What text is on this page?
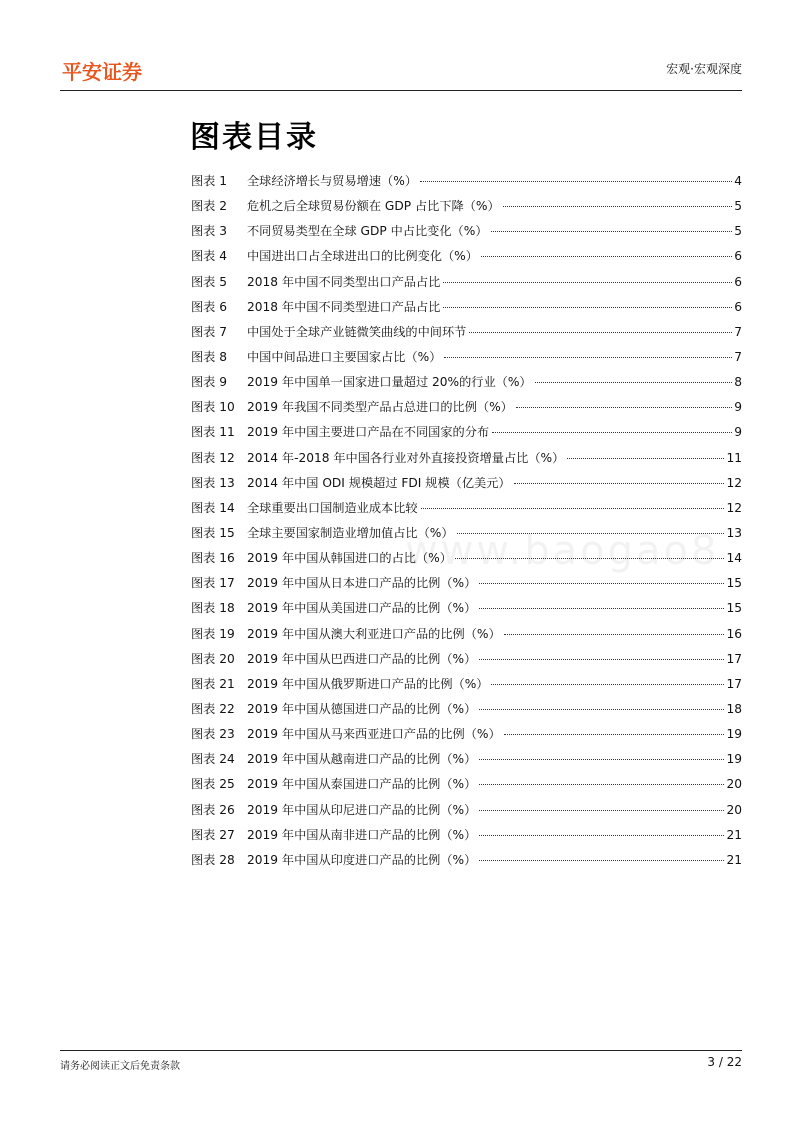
平安证券	宏观·宏观深度
图表目录
图表 1	全球经济增长与贸易增速（%）	4
图表 2	危机之后全球贸易份额在 GDP 占比下降（%）	5
图表 3	不同贸易类型在全球 GDP 中占比变化（%）	5
图表 4	中国进出口占全球进出口的比例变化（%）	6
图表 5	2018 年中国不同类型出口产品占比	6
图表 6	2018 年中国不同类型进口产品占比	6
图表 7	中国处于全球产业链微笑曲线的中间环节	7
图表 8	中国中间品进口主要国家占比（%）	7
图表 9	2019 年中国单一国家进口量超过 20%的行业（%）	8
图表 10	2019 年我国不同类型产品占总进口的比例（%）	9
图表 11	2019 年中国主要进口产品在不同国家的分布	9
图表 12	2014 年-2018 年中国各行业对外直接投资增量占比（%）	11
图表 13	2014 年中国 ODI 规模超过 FDI 规模（亿美元）	12
图表 14	全球重要出口国制造业成本比较	12
图表 15	全球主要国家制造业增加值占比（%）	13
图表 16	2019 年中国从韩国进口的占比（%）	14
图表 17	2019 年中国从日本进口产品的比例（%）	15
图表 18	2019 年中国从美国进口产品的比例（%）	15
图表 19	2019 年中国从澳大利亚进口产品的比例（%）	16
图表 20	2019 年中国从巴西进口产品的比例（%）	17
图表 21	2019 年中国从俄罗斯进口产品的比例（%）	17
图表 22	2019 年中国从德国进口产品的比例（%）	18
图表 23	2019 年中国从马来西亚进口产品的比例（%）	19
图表 24	2019 年中国从越南进口产品的比例（%）	19
图表 25	2019 年中国从泰国进口产品的比例（%）	20
图表 26	2019 年中国从印尼进口产品的比例（%）	20
图表 27	2019 年中国从南非进口产品的比例（%）	21
图表 28	2019 年中国从印度进口产品的比例（%）	21
www.baogao8
请务必阅读正文后免责条款	3 / 22
